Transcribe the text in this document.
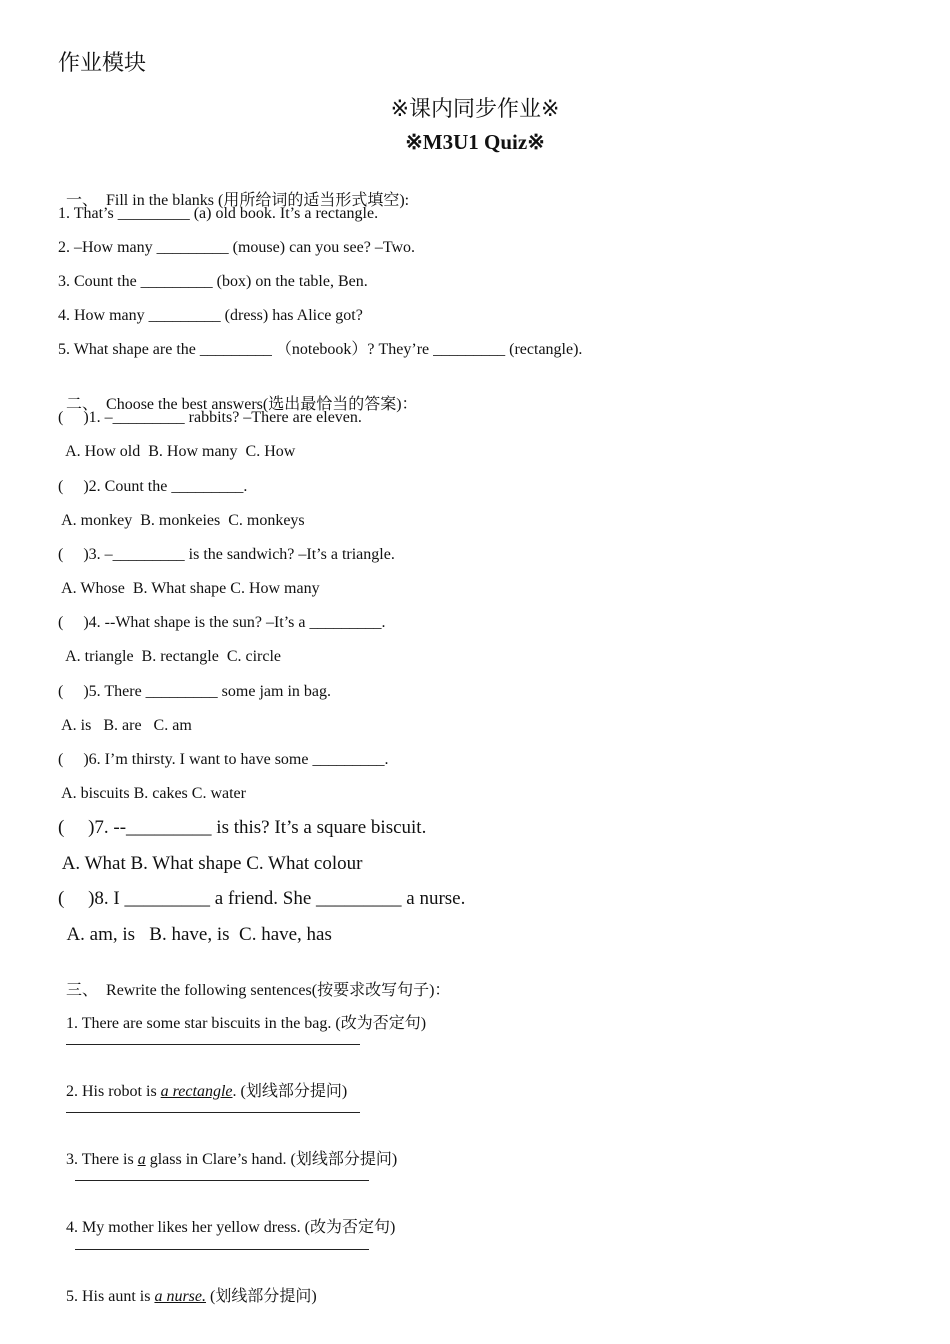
作业模块
※课内同步作业※
※M3U1 Quiz※

一、 Fill in the blanks (用所给词的适当形式填空):

1. That’s _________ (a) old book. It’s a rectangle.
2. –How many _________ (mouse) can you see? –Two.
3. Count the _________ (box) on the table, Ben.
4. How many _________ (dress) has Alice got?
5. What shape are the _________ （notebook）? They’re _________ (rectangle).

二、 Choose the best answers(选出最恰当的答案)：

(     )1. –_________ rabbits? –There are eleven.
A. How old  B. How many  C. How
(     )2. Count the _________.
A. monkey  B. monkeies  C. monkeys
(     )3. –_________ is the sandwich? –It’s a triangle.
A. Whose  B. What shape C. How many
(     )4. --What shape is the sun? –It’s a _________.
A. triangle  B. rectangle  C. circle
(     )5. There _________ some jam in bag.
A. is   B. are   C. am
(     )6. I’m thirsty. I want to have some _________.
A. biscuits B. cakes C. water
(     )7. --_________ is this? It’s a square biscuit.
A. What B. What shape C. What colour
(     )8. I _________ a friend. She _________ a nurse.
A. am, is   B. have, is  C. have, has

三、 Rewrite the following sentences(按要求改写句子)：

1. There are some star biscuits in the bag. (改为否定句)

2. His robot is a rectangle. (划线部分提问)

3. There is a glass in Clare’s hand. (划线部分提问)

4. My mother likes her yellow dress. (改为否定句)

5. His aunt is a nurse. (划线部分提问)
